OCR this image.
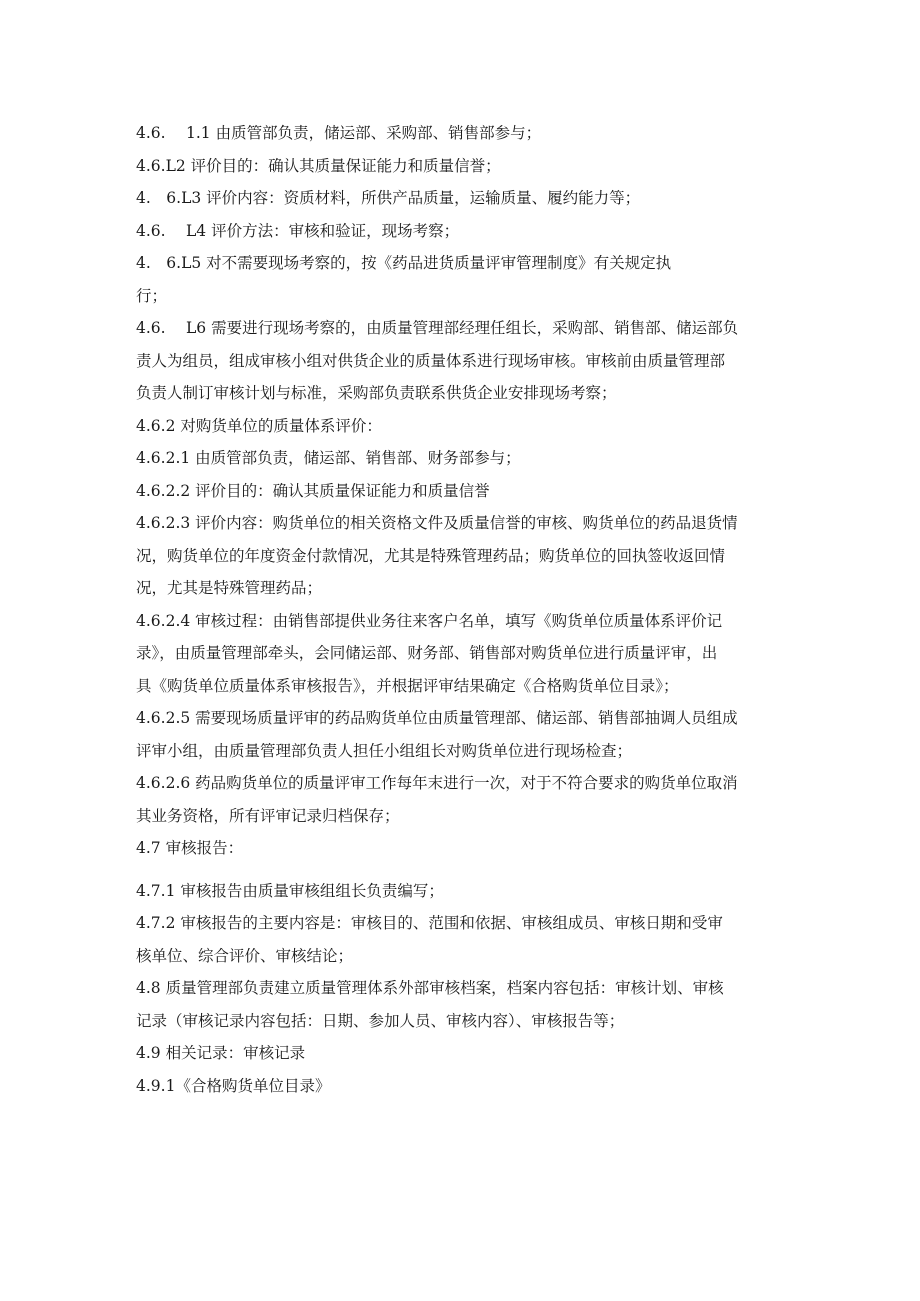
4.6.　 1.1 由质管部负责，储运部、采购部、销售部参与；

4.6.L2 评价目的：确认其质量保证能力和质量信誉；

4.　6.L3 评价内容：资质材料，所供产品质量，运输质量、履约能力等；

4.6.　 L4 评价方法：审核和验证，现场考察；

4.　6.L5 对不需要现场考察的，按《药品进货质量评审管理制度》有关规定执

行；

4.6.　 L6 需要进行现场考察的，由质量管理部经理任组长，采购部、销售部、储运部负

责人为组员，组成审核小组对供货企业的质量体系进行现场审核。审核前由质量管理部

负责人制订审核计划与标准，采购部负责联系供货企业安排现场考察；

4.6.2 对购货单位的质量体系评价：

4.6.2.1 由质管部负责，储运部、销售部、财务部参与；

4.6.2.2 评价目的：确认其质量保证能力和质量信誉

4.6.2.3 评价内容：购货单位的相关资格文件及质量信誉的审核、购货单位的药品退货情

况，购货单位的年度资金付款情况，尤其是特殊管理药品；购货单位的回执签收返回情

况，尤其是特殊管理药品；

4.6.2.4 审核过程：由销售部提供业务往来客户名单，填写《购货单位质量体系评价记

录》，由质量管理部牵头，会同储运部、财务部、销售部对购货单位进行质量评审，出

具《购货单位质量体系审核报告》，并根据评审结果确定《合格购货单位目录》；

4.6.2.5 需要现场质量评审的药品购货单位由质量管理部、储运部、销售部抽调人员组成

评审小组，由质量管理部负责人担任小组组长对购货单位进行现场检查；

4.6.2.6 药品购货单位的质量评审工作每年末进行一次，对于不符合要求的购货单位取消

其业务资格，所有评审记录归档保存；

4.7 审核报告：

4.7.1 审核报告由质量审核组组长负责编写；

4.7.2 审核报告的主要内容是：审核目的、范围和依据、审核组成员、审核日期和受审

核单位、综合评价、审核结论；

4.8 质量管理部负责建立质量管理体系外部审核档案，档案内容包括：审核计划、审核

记录（审核记录内容包括：日期、参加人员、审核内容）、审核报告等；

4.9 相关记录：审核记录

4.9.1《合格购货单位目录》
